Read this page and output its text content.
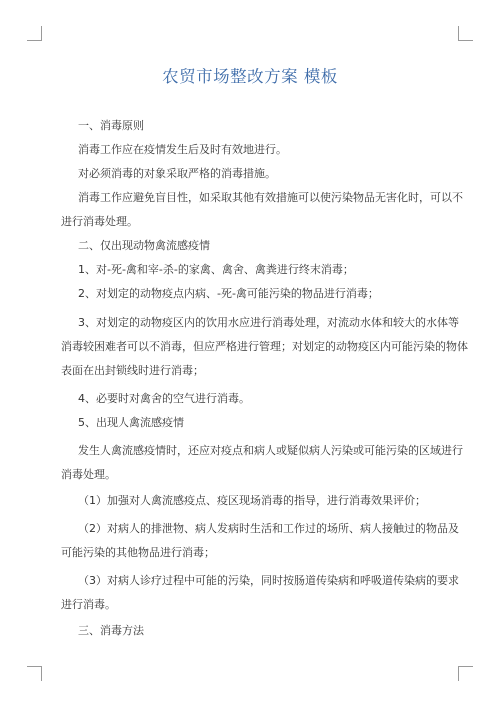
农贸市场整改方案 模板

一、消毒原则

消毒工作应在疫情发生后及时有效地进行。

对必须消毒的对象采取严格的消毒措施。

消毒工作应避免盲目性，如采取其他有效措施可以使污染物品无害化时，可以不

进行消毒处理。

二、仅出现动物禽流感疫情

1、对-死-禽和宰-杀-的家禽、禽舍、禽粪进行终末消毒；

2、对划定的动物疫点内病、-死-禽可能污染的物品进行消毒；

3、对划定的动物疫区内的饮用水应进行消毒处理，对流动水体和较大的水体等

消毒较困难者可以不消毒，但应严格进行管理；对划定的动物疫区内可能污染的物体

表面在出封锁线时进行消毒；

4、必要时对禽舍的空气进行消毒。

5、出现人禽流感疫情

发生人禽流感疫情时，还应对疫点和病人或疑似病人污染或可能污染的区域进行

消毒处理。

（1）加强对人禽流感疫点、疫区现场消毒的指导，进行消毒效果评价；

（2）对病人的排泄物、病人发病时生活和工作过的场所、病人接触过的物品及

可能污染的其他物品进行消毒；

（3）对病人诊疗过程中可能的污染，同时按肠道传染病和呼吸道传染病的要求

进行消毒。

三、消毒方法
